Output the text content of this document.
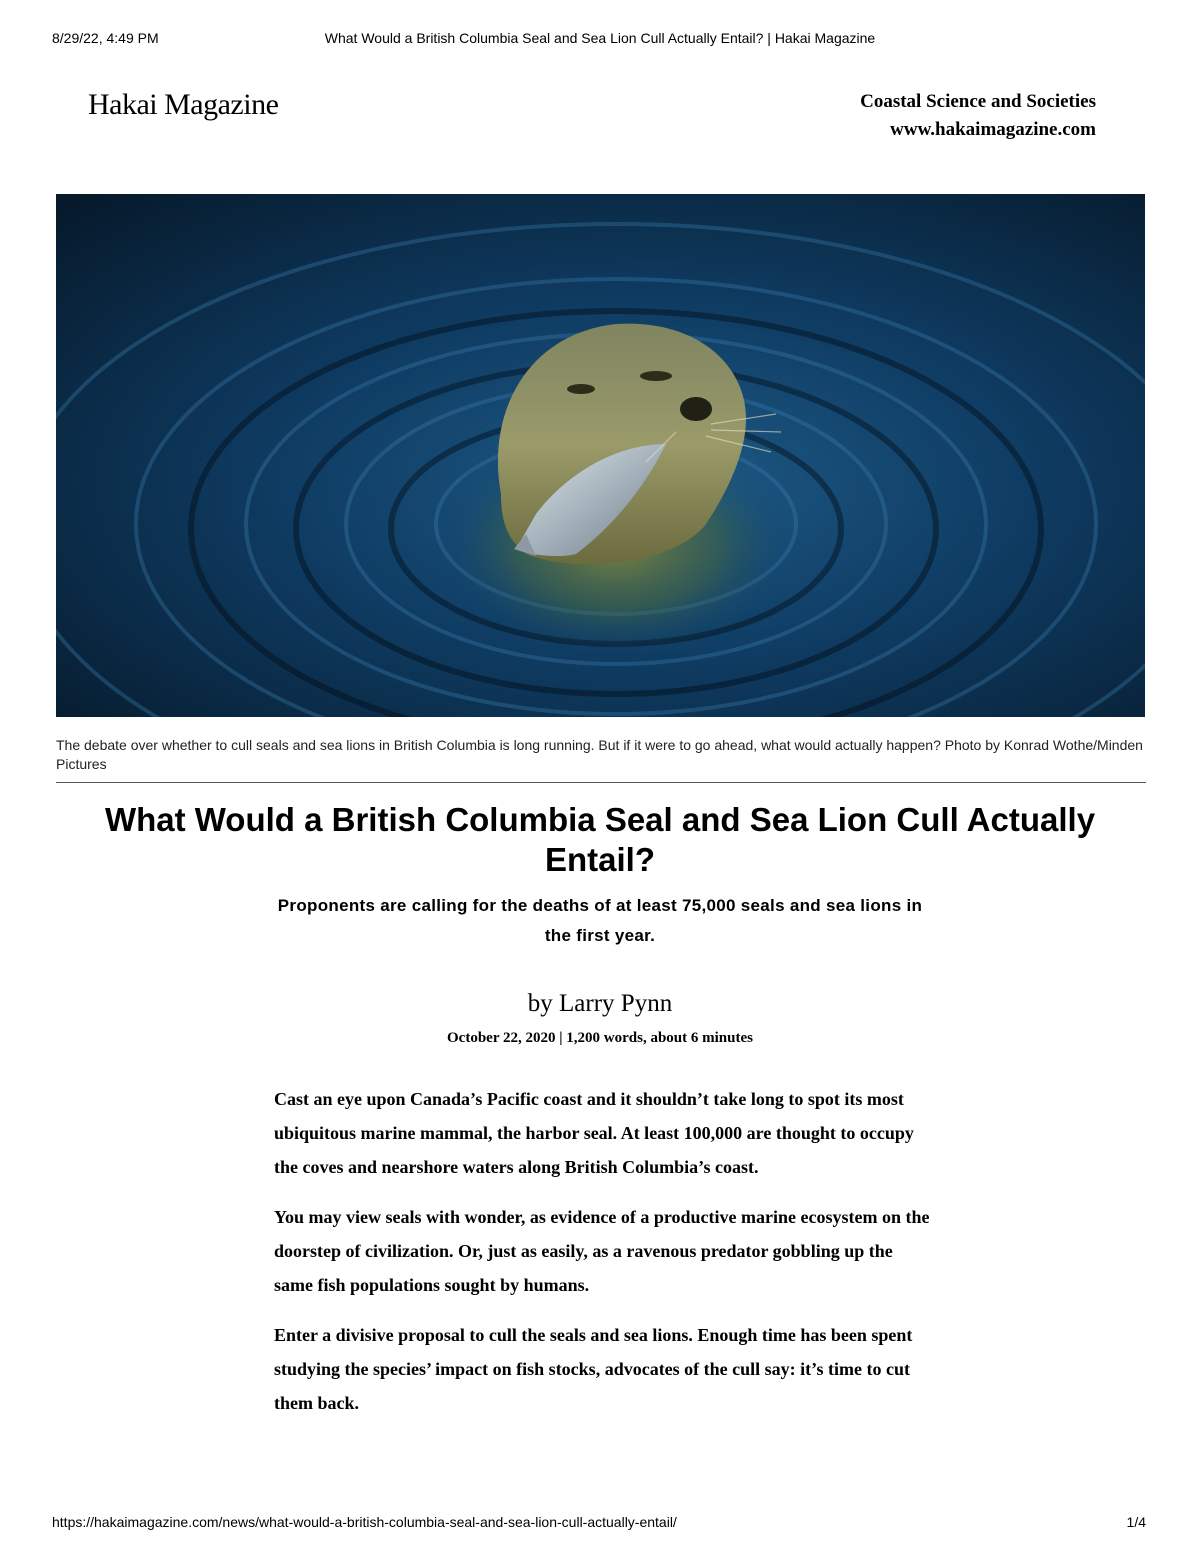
8/29/22, 4:49 PM	What Would a British Columbia Seal and Sea Lion Cull Actually Entail? | Hakai Magazine
Hakai Magazine	Coastal Science and Societies
www.hakaimagazine.com
The debate over whether to cull seals and sea lions in British Columbia is long running. But if it were to go ahead, what would actually happen? Photo by Konrad Wothe/Minden Pictures
What Would a British Columbia Seal and Sea Lion Cull Actually Entail?
Proponents are calling for the deaths of at least 75,000 seals and sea lions in the first year.
by Larry Pynn
October 22, 2020 | 1,200 words, about 6 minutes

Cast an eye upon Canada’s Pacific coast and it shouldn’t take long to spot its most ubiquitous marine mammal, the harbor seal. At least 100,000 are thought to occupy the coves and nearshore waters along British Columbia’s coast.

You may view seals with wonder, as evidence of a productive marine ecosystem on the doorstep of civilization. Or, just as easily, as a ravenous predator gobbling up the same fish populations sought by humans.

Enter a divisive proposal to cull the seals and sea lions. Enough time has been spent studying the species’ impact on fish stocks, advocates of the cull say: it’s time to cut them back.

https://hakaimagazine.com/news/what-would-a-british-columbia-seal-and-sea-lion-cull-actually-entail/	1/4
